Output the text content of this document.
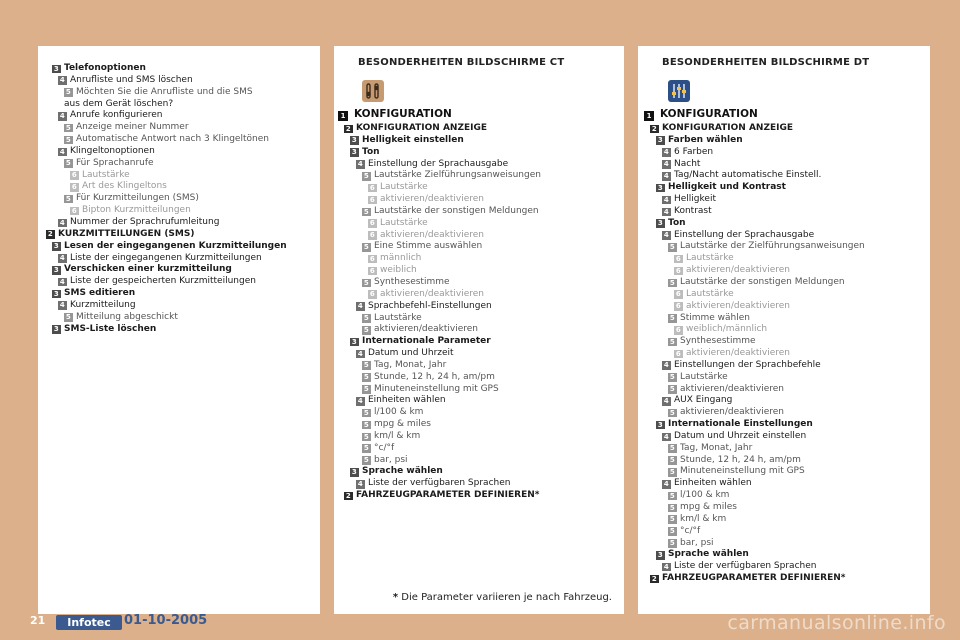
3 Telefonoptionen
4 Anrufliste und SMS löschen
5 Möchten Sie die Anrufliste und die SMS
aus dem Gerät löschen?
4 Anrufe konfigurieren
5 Anzeige meiner Nummer
5 Automatische Antwort nach 3 Klingeltönen
4 Klingeltonoptionen
5 Für Sprachanrufe
6 Lautstärke
6 Art des Klingeltons
5 Für Kurzmitteilungen (SMS)
6 Bipton Kurzmitteilungen
4 Nummer der Sprachrufumleitung
2 KURZMITTEILUNGEN (SMS)
3 Lesen der eingegangenen Kurzmitteilungen
4 Liste der eingegangenen Kurzmitteilungen
3 Verschicken einer kurzmitteilung
4 Liste der gespeicherten Kurzmitteilungen
3 SMS editieren
4 Kurzmitteilung
5 Mitteilung abgeschickt
3 SMS-Liste löschen
BESONDERHEITEN BILDSCHIRME CT
1 KONFIGURATION
2 KONFIGURATION ANZEIGE
3 Helligkeit einstellen
3 Ton
4 Einstellung der Sprachausgabe
5 Lautstärke Zielführungsanweisungen
6 Lautstärke
6 aktivieren/deaktivieren
5 Lautstärke der sonstigen Meldungen
6 Lautstärke
6 aktivieren/deaktivieren
5 Eine Stimme auswählen
6 männlich
6 weiblich
5 Synthesestimme
6 aktivieren/deaktivieren
4 Sprachbefehl-Einstellungen
5 Lautstärke
5 aktivieren/deaktivieren
3 Internationale Parameter
4 Datum und Uhrzeit
5 Tag, Monat, Jahr
5 Stunde, 12 h, 24 h, am/pm
5 Minuteneinstellung mit GPS
4 Einheiten wählen
5 l/100 & km
5 mpg & miles
5 km/l & km
5 °c/°f
5 bar, psi
3 Sprache wählen
4 Liste der verfügbaren Sprachen
2 FAHRZEUGPARAMETER DEFINIEREN*
BESONDERHEITEN BILDSCHIRME DT
1 KONFIGURATION
2 KONFIGURATION ANZEIGE
3 Farben wählen
4 6 Farben
4 Nacht
4 Tag/Nacht automatische Einstell.
3 Helligkeit und Kontrast
4 Helligkeit
4 Kontrast
3 Ton
4 Einstellung der Sprachausgabe
5 Lautstärke der Zielführungsanweisungen
6 Lautstärke
6 aktivieren/deaktivieren
5 Lautstärke der sonstigen Meldungen
6 Lautstärke
6 aktivieren/deaktivieren
5 Stimme wählen
6 weiblich/männlich
5 Synthesestimme
6 aktivieren/deaktivieren
4 Einstellungen der Sprachbefehle
5 Lautstärke
5 aktivieren/deaktivieren
4 AUX Eingang
5 aktivieren/deaktivieren
3 Internationale Einstellungen
4 Datum und Uhrzeit einstellen
5 Tag, Monat, Jahr
5 Stunde, 12 h, 24 h, am/pm
5 Minuteneinstellung mit GPS
4 Einheiten wählen
5 l/100 & km
5 mpg & miles
5 km/l & km
5 °c/°f
5 bar, psi
3 Sprache wählen
4 Liste der verfügbaren Sprachen
2 FAHRZEUGPARAMETER DEFINIEREN*
* Die Parameter variieren je nach Fahrzeug.
21	Infotec	01-10-2005	carmanualsonline.info
